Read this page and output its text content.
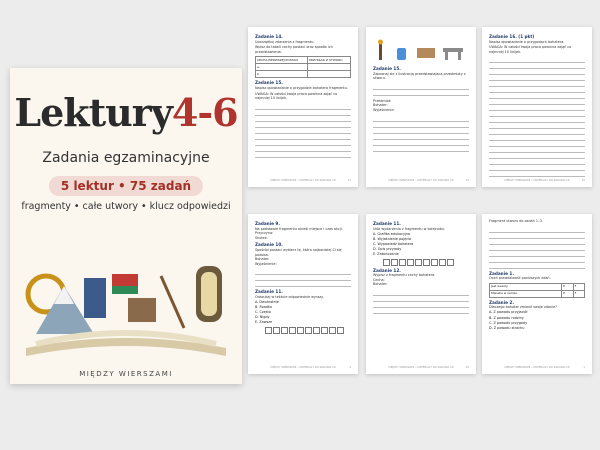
Lektury4-6
Zadania egzaminacyjne
5 lektur • 75 zadań
fragmenty • całe utwory • klucz odpowiedzi
MIĘDZY WIERSZAMI
Zadanie 14.
Uporządkuj zdarzenia z fragmentu.
Wpisz do tabeli cechy postaci oraz sposób ich przedstawienia.
CECHA PIERWSZEJ POSTACI	PRZYKŁAD Z UTWORU
a.	
b.	
Zadanie 15.
Napisz opowiadanie o przygodzie bohatera fragmentu.
UWAGA: W całości twoja praca powinna zająć co najmniej 10 linijek.
MIĘDZY WIERSZAMI • MATERIAŁY DO ZADANIA 18	11
Zadanie 15.
Zapoznaj się z ilustracją przedstawiającą przedmioty z utworu.
Przedmiot:
Bohater:
Wyjaśnienie:
MIĘDZY WIERSZAMI • MATERIAŁY DO ZADANIA 18	14
Zadanie 16. (1 pkt)
Napisz opowiadanie o przygodach bohatera.
UWAGA: W całości twoja praca powinna zająć co najmniej 10 linijek.
MIĘDZY WIERSZAMI • MATERIAŁY DO ZADANIA 18	15
Zadanie 9.
Na podstawie fragmentu określ miejsce i czas akcji.
Przyczyna:
Skutek:
Zadanie 10.
Spośród postaci wybierz tę, która najbardziej Ci się podoba.
Bohater:
Wyjaśnienie:
Zadanie 11.
Odszukaj w tekście odpowiednie wyrazy.
A. Dwukrotnie
B. Rzadko
C. Często
D. Nigdy
E. Zawsze
MIĘDZY WIERSZAMI • MATERIAŁY DO ZADANIA 18	9
Zadanie 11.
Ułóż wydarzenia z fragmentu w kolejności.
A. Grafika edukacyjna
B. Wyjaśnienie pojęcia
C. Wypowiedź bohatera
D. Opis przyrody
E. Zakończenie
Zadanie 12.
Wypisz z fragmentu cechy bohatera.
Cecha:
Bohater:
MIĘDZY WIERSZAMI • MATERIAŁY DO ZADANIA 18	10
Fragment utworu do zadań 1–3.
Zadanie 1.
Oceń prawdziwość poniższych zdań.
Jest wesoły.	P	F
Mieszka w zamku.	P	F
Zadanie 2.
Dlaczego bohater zmienił swoje zdanie?
A. Z powodu przyjaciół
B. Z powodu rodziny
C. Z powodu przygody
D. Z powodu strachu
MIĘDZY WIERSZAMI • MATERIAŁY DO ZADANIA 18	1
